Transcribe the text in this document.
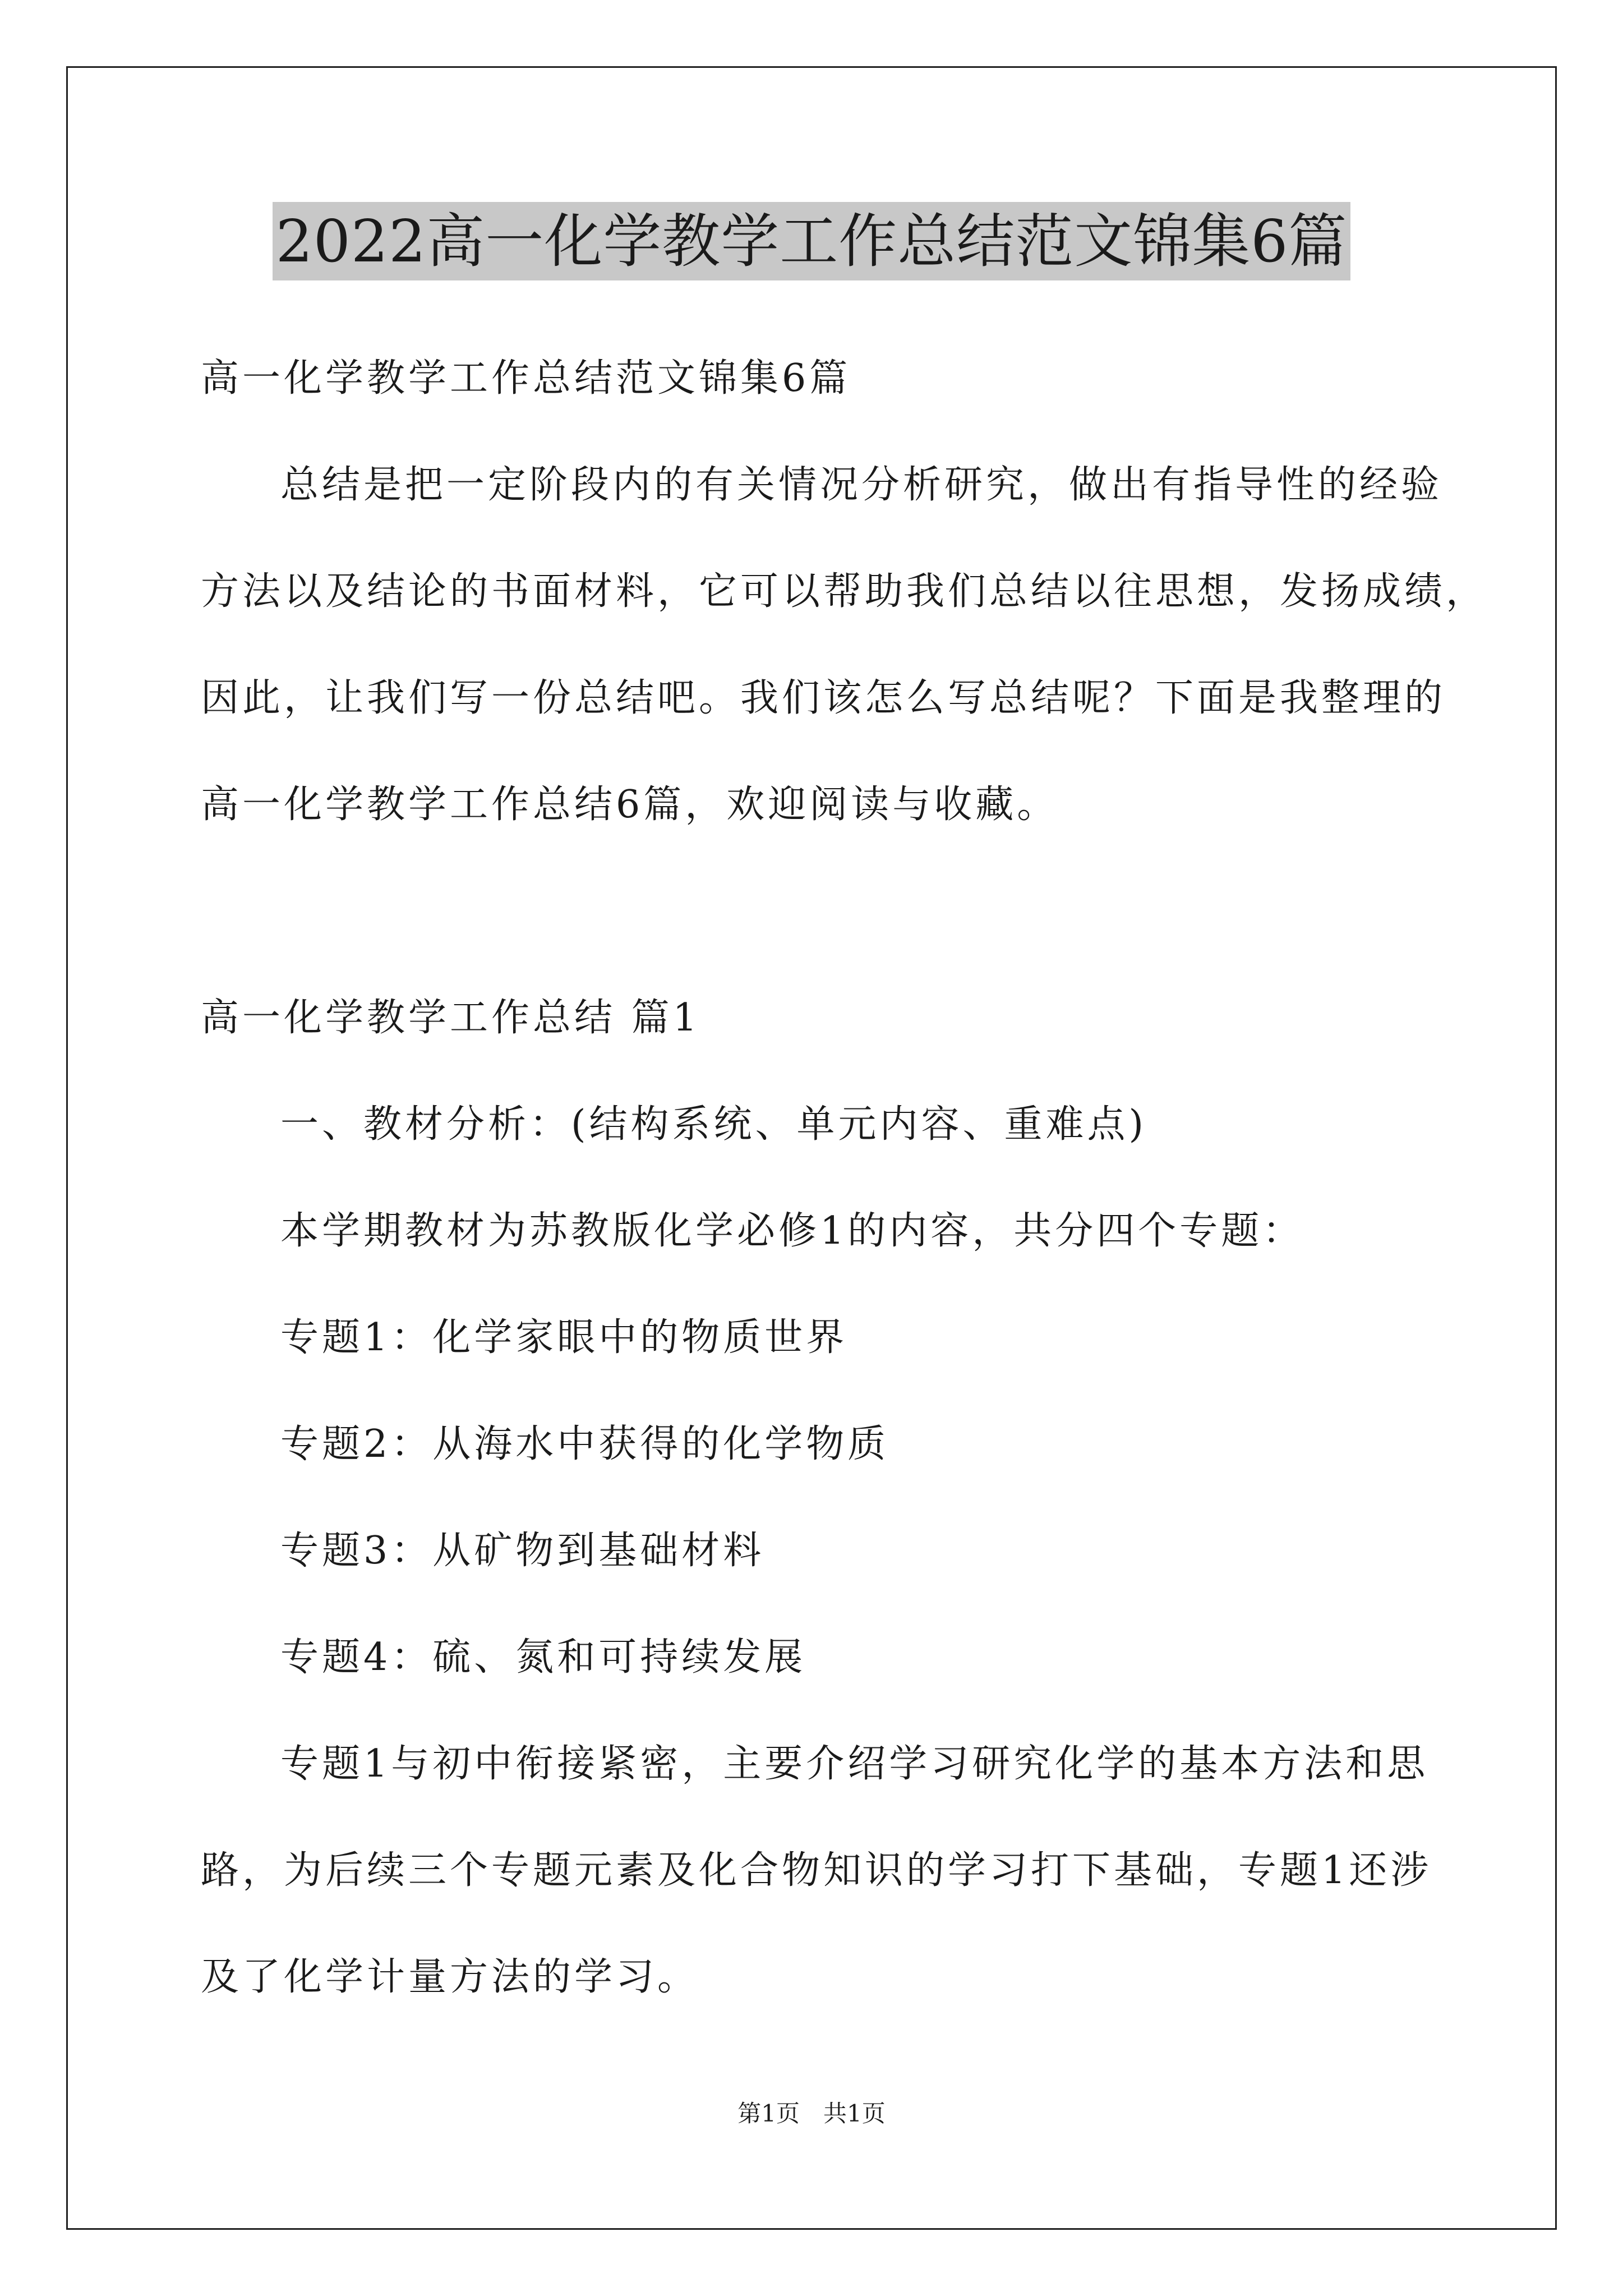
2022高一化学教学工作总结范文锦集6篇
高一化学教学工作总结范文锦集6篇
总结是把一定阶段内的有关情况分析研究，做出有指导性的经验
方法以及结论的书面材料，它可以帮助我们总结以往思想，发扬成绩，
因此，让我们写一份总结吧。我们该怎么写总结呢？下面是我整理的
高一化学教学工作总结6篇，欢迎阅读与收藏。
高一化学教学工作总结 篇1
一、教材分析：(结构系统、单元内容、重难点)
本学期教材为苏教版化学必修1的内容，共分四个专题：
专题1：化学家眼中的物质世界
专题2：从海水中获得的化学物质
专题3：从矿物到基础材料
专题4：硫、氮和可持续发展
专题1与初中衔接紧密，主要介绍学习研究化学的基本方法和思
路，为后续三个专题元素及化合物知识的学习打下基础，专题1还涉
及了化学计量方法的学习。
第1页　共1页
